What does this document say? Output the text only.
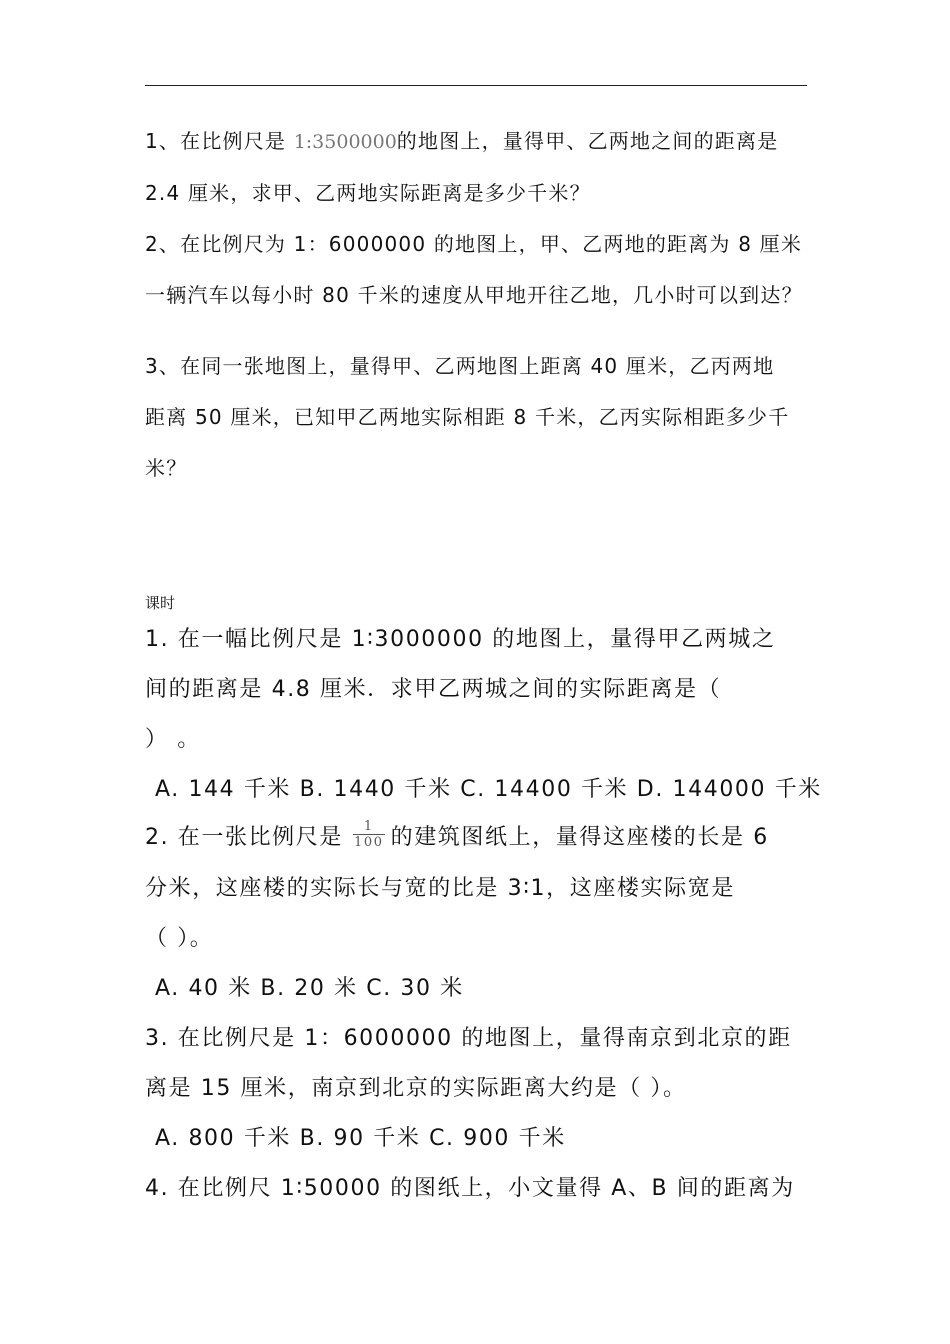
1、在比例尺是 1:3500000的地图上，量得甲、乙两地之间的距离是
2.4 厘米，求甲、乙两地实际距离是多少千米？
2、在比例尺为 1：6000000 的地图上，甲、乙两地的距离为 8 厘米
一辆汽车以每小时 80 千米的速度从甲地开往乙地，几小时可以到达？
3、在同一张地图上，量得甲、乙两地图上距离 40 厘米，乙丙两地
距离 50 厘米，已知甲乙两地实际相距 8 千米，乙丙实际相距多少千
米？
课时
1. 在一幅比例尺是 1∶3000000 的地图上，量得甲乙两城之
间的距离是 4.8 厘米．求甲乙两城之间的实际距离是（
） 。
A. 144 千米 B. 1440 千米 C. 14400 千米 D. 144000 千米
2. 在一张比例尺是 $\frac{1}{100}$ 的建筑图纸上，量得这座楼的长是 6
分米，这座楼的实际长与宽的比是 3∶1，这座楼实际宽是
（ ）。
A. 40 米 B. 20 米 C. 30 米
3. 在比例尺是 1：6000000 的地图上，量得南京到北京的距
离是 15 厘米，南京到北京的实际距离大约是（ ）。
A. 800 千米 B. 90 千米 C. 900 千米
4. 在比例尺 1∶50000 的图纸上，小文量得 A、B 间的距离为
